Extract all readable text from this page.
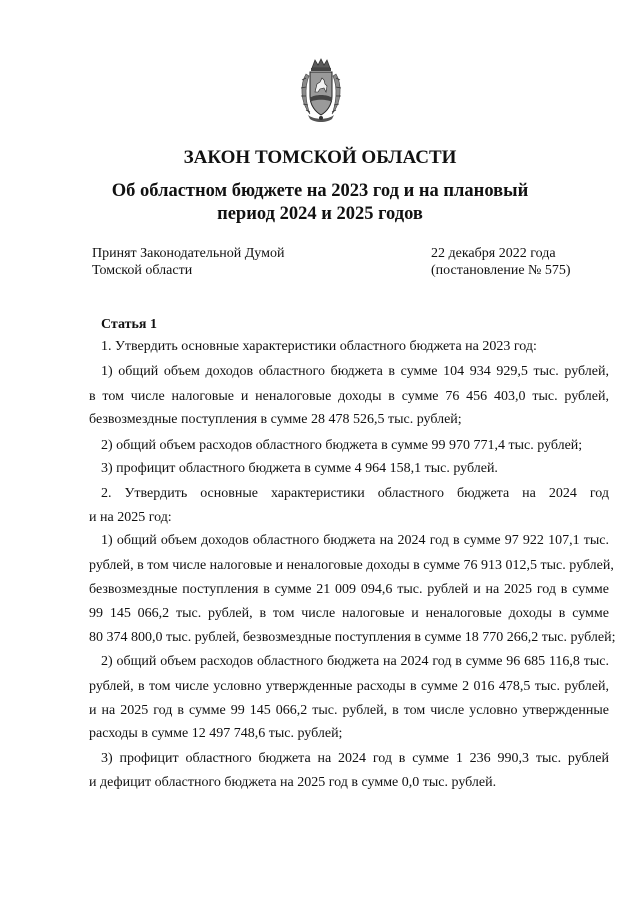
ЗАКОН ТОМСКОЙ ОБЛАСТИ
Об областном бюджете на 2023 год и на плановый
период 2024 и 2025 годов
Принят Законодательной Думой
Томской области
22 декабря 2022 года
(постановление № 575)
Статья 1
1. Утвердить основные характеристики областного бюджета на 2023 год:
1) общий объем доходов областного бюджета в сумме 104 934 929,5 тыс. рублей,
в том числе налоговые и неналоговые доходы в сумме 76 456 403,0 тыс. рублей,
безвозмездные поступления в сумме 28 478 526,5 тыс. рублей;
2) общий объем расходов областного бюджета в сумме 99 970 771,4 тыс. рублей;
3) профицит областного бюджета в сумме 4 964 158,1 тыс. рублей.
2. Утвердить основные характеристики областного бюджета на 2024 год
и на 2025 год:
1) общий объем доходов областного бюджета на 2024 год в сумме 97 922 107,1 тыс.
рублей, в том числе налоговые и неналоговые доходы в сумме 76 913 012,5 тыс. рублей,
безвозмездные поступления в сумме 21 009 094,6 тыс. рублей и на 2025 год в сумме
99 145 066,2 тыс. рублей, в том числе налоговые и неналоговые доходы в сумме
80 374 800,0 тыс. рублей, безвозмездные поступления в сумме 18 770 266,2 тыс. рублей;
2) общий объем расходов областного бюджета на 2024 год в сумме 96 685 116,8 тыс.
рублей, в том числе условно утвержденные расходы в сумме 2 016 478,5 тыс. рублей,
и на 2025 год в сумме 99 145 066,2 тыс. рублей, в том числе условно утвержденные
расходы в сумме 12 497 748,6 тыс. рублей;
3) профицит областного бюджета на 2024 год в сумме 1 236 990,3 тыс. рублей
и дефицит областного бюджета на 2025 год в сумме 0,0 тыс. рублей.
